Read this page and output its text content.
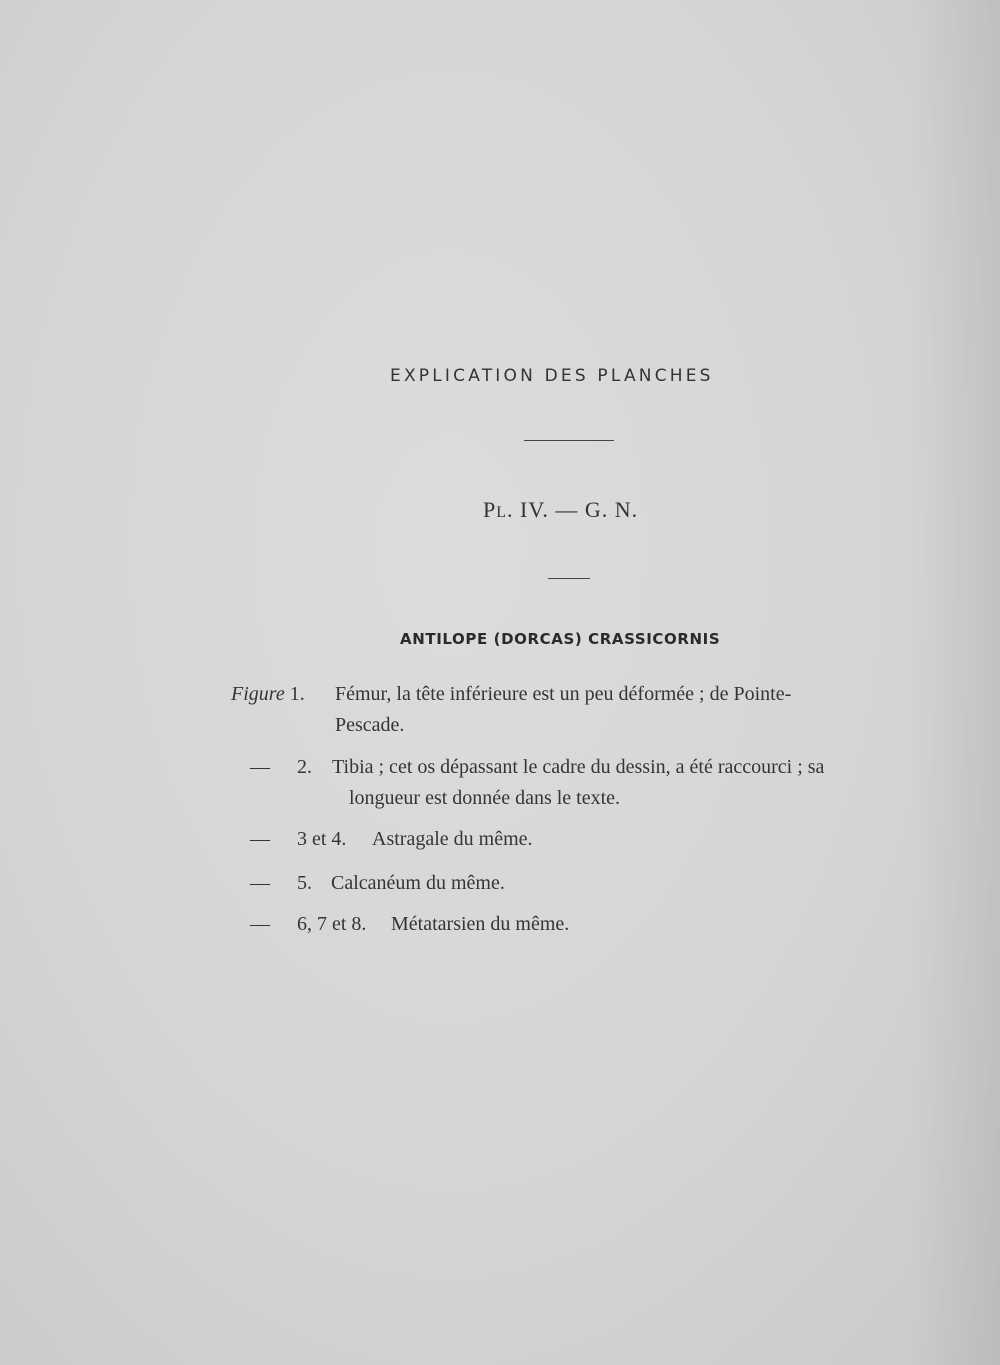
EXPLICATION DES PLANCHES
PL. IV. — G. N.
ANTILOPE (DORCAS) CRASSICORNIS
Figure 1. Fémur, la tête inférieure est un peu déformée ; de Pointe-
Pescade.
— 2. Tibia ; cet os dépassant le cadre du dessin, a été raccourci ; sa
longueur est donnée dans le texte.
— 3 et 4. Astragale du même.
— 5. Calcanéum du même.
— 6, 7 et 8. Métatarsien du même.
